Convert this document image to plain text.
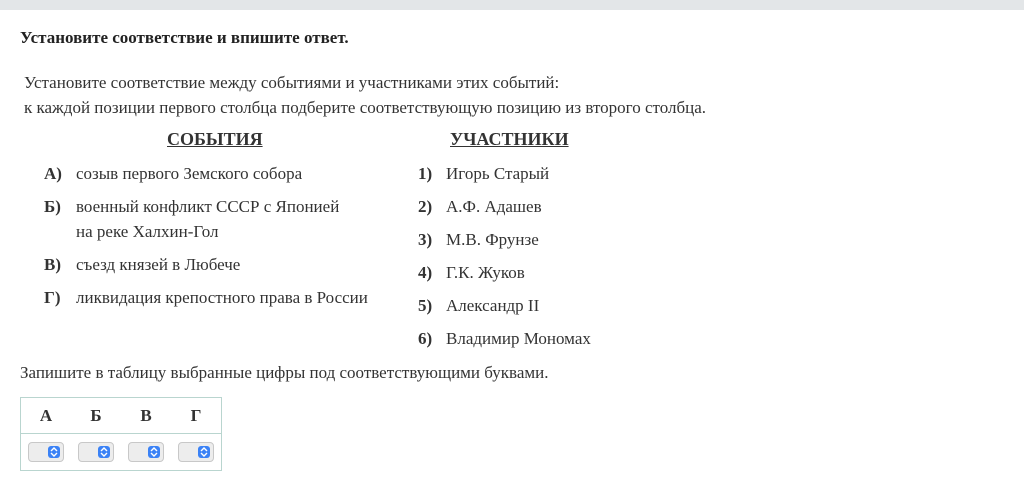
Установите соответствие и впишите ответ.
Установите соответствие между событиями и участниками этих событий:
к каждой позиции первого столбца подберите соответствующую позицию из второго столбца.
СОБЫТИЯ	УЧАСТНИКИ
А) созыв первого Земского собора
Б) военный конфликт СССР с Японией
на реке Халхин-Гол
В) съезд князей в Любече
Г) ликвидация крепостного права в России
1) Игорь Старый
2) А.Ф. Адашев
3) М.В. Фрунзе
4) Г.К. Жуков
5) Александр II
6) Владимир Мономах
Запишите в таблицу выбранные цифры под соответствующими буквами.
А	Б	В	Г
